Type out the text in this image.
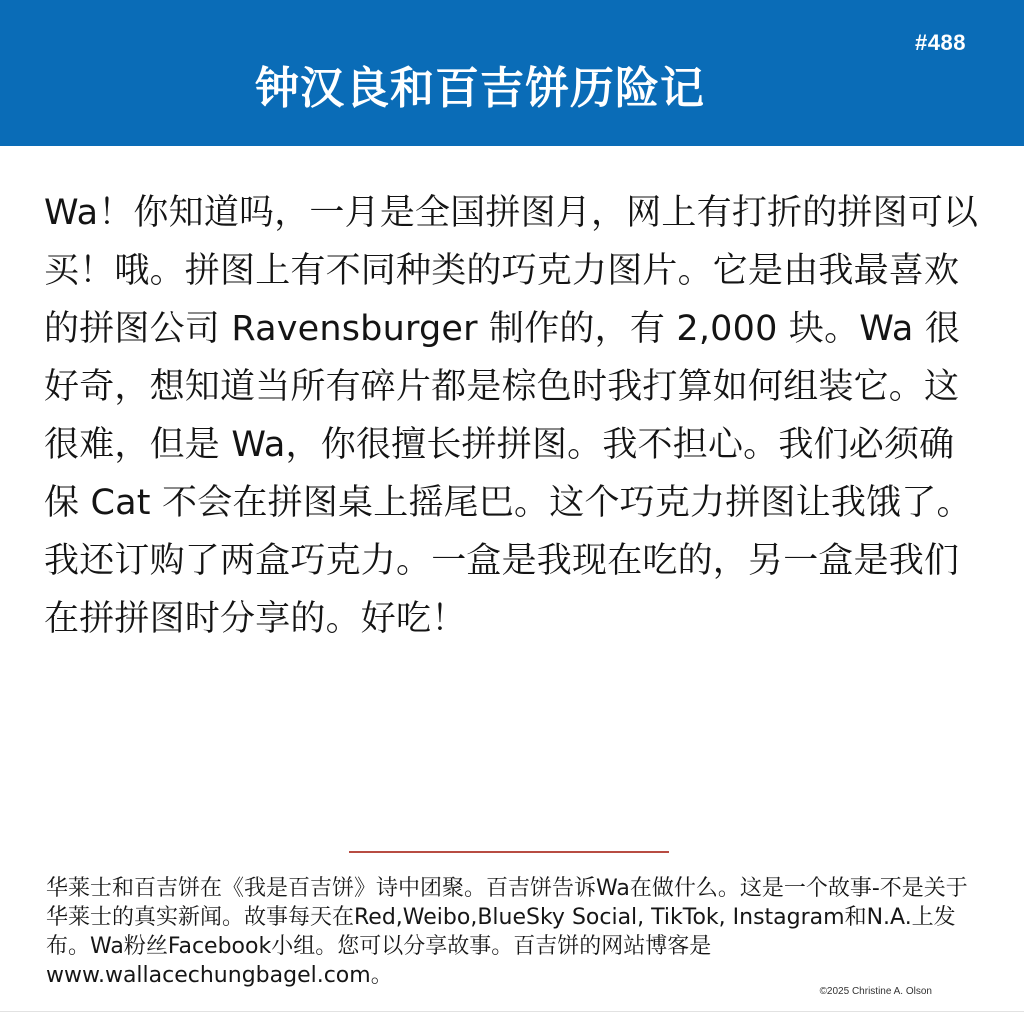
#488
钟汉良和百吉饼历险记

Wa！你知道吗，一月是全国拼图月，网上有打折的拼图可以买！哦。拼图上有不同种类的巧克力图片。它是由我最喜欢的拼图公司 Ravensburger 制作的，有 2,000 块。Wa 很好奇，想知道当所有碎片都是棕色时我打算如何组装它。这很难，但是 Wa，你很擅长拼拼图。我不担心。我们必须确保 Cat 不会在拼图桌上摇尾巴。这个巧克力拼图让我饿了。我还订购了两盒巧克力。一盒是我现在吃的，另一盒是我们在拼拼图时分享的。好吃！

华莱士和百吉饼在《我是百吉饼》诗中团聚。百吉饼告诉Wa在做什么。这是一个故事-不是关于华莱士的真实新闻。故事每天在Red,Weibo,BlueSky Social, TikTok, Instagram和N.A.上发布。Wa粉丝Facebook小组。您可以分享故事。百吉饼的网站博客是www.wallacechungbagel.com。

©2025 Christine A. Olson
